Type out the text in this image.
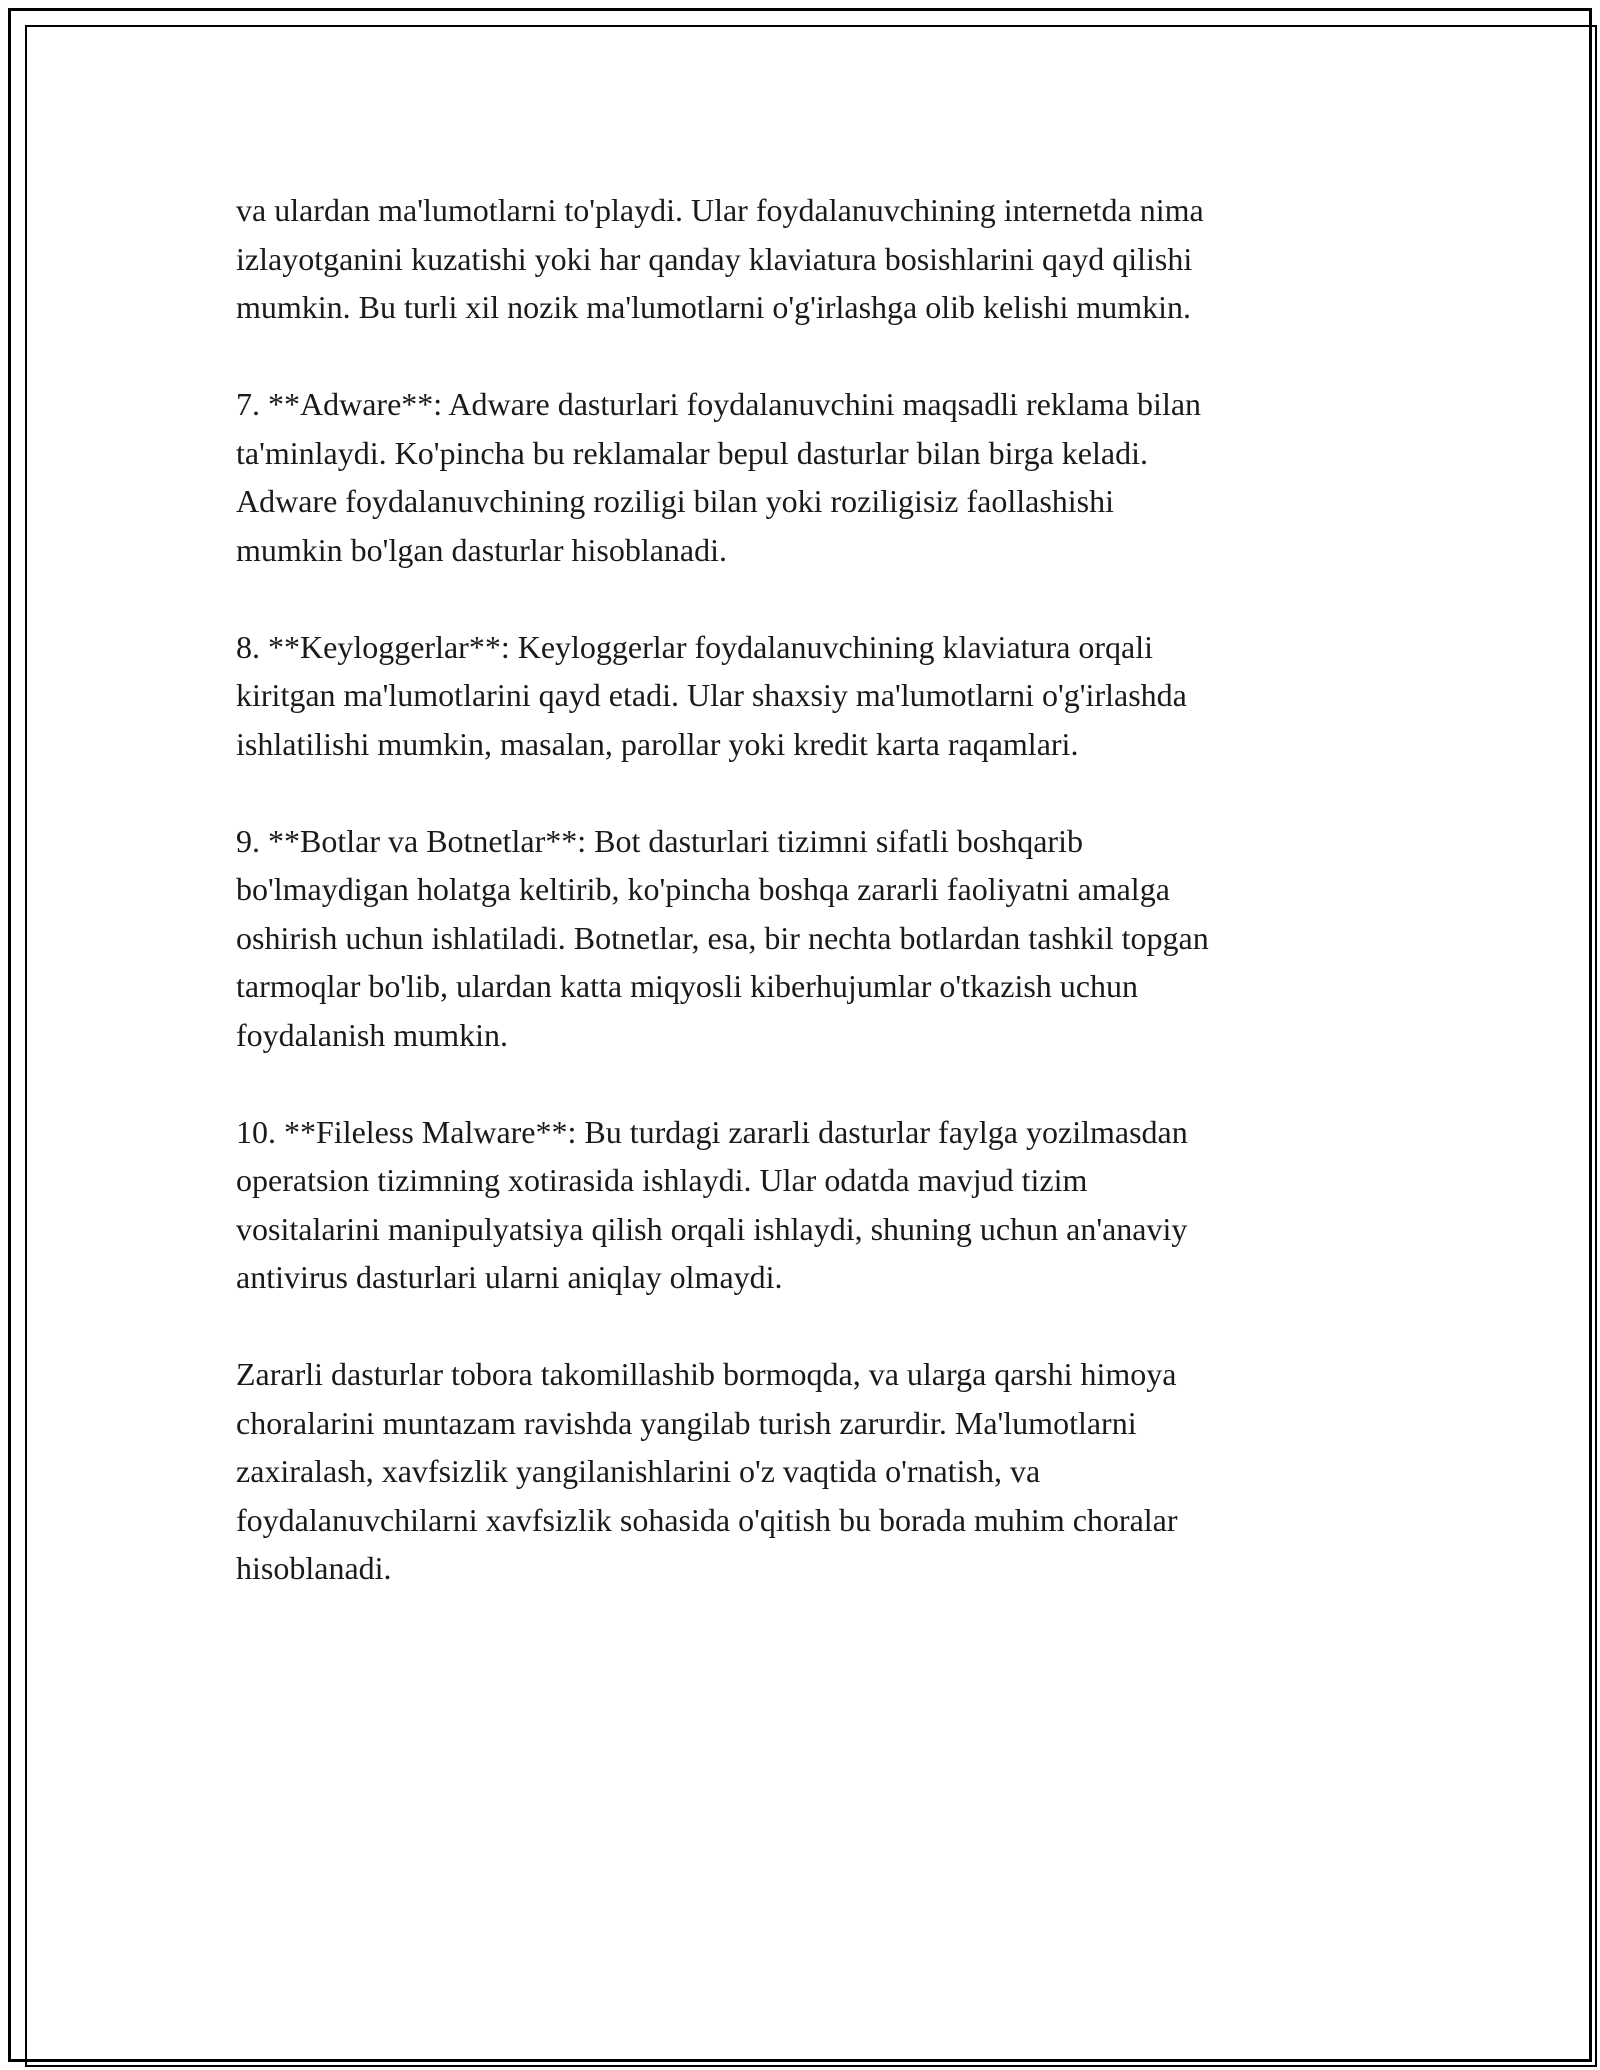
va ulardan ma'lumotlarni to'playdi. Ular foydalanuvchining internetda nima
izlayotganini kuzatishi yoki har qanday klaviatura bosishlarini qayd qilishi
mumkin. Bu turli xil nozik ma'lumotlarni o'g'irlashga olib kelishi mumkin.
7. **Adware**: Adware dasturlari foydalanuvchini maqsadli reklama bilan
ta'minlaydi. Ko'pincha bu reklamalar bepul dasturlar bilan birga keladi.
Adware foydalanuvchining roziligi bilan yoki roziligisiz faollashishi
mumkin bo'lgan dasturlar hisoblanadi.
8. **Keyloggerlar**: Keyloggerlar foydalanuvchining klaviatura orqali
kiritgan ma'lumotlarini qayd etadi. Ular shaxsiy ma'lumotlarni o'g'irlashda
ishlatilishi mumkin, masalan, parollar yoki kredit karta raqamlari.
9. **Botlar va Botnetlar**: Bot dasturlari tizimni sifatli boshqarib
bo'lmaydigan holatga keltirib, ko'pincha boshqa zararli faoliyatni amalga
oshirish uchun ishlatiladi. Botnetlar, esa, bir nechta botlardan tashkil topgan
tarmoqlar bo'lib, ulardan katta miqyosli kiberhujumlar o'tkazish uchun
foydalanish mumkin.
10. **Fileless Malware**: Bu turdagi zararli dasturlar faylga yozilmasdan
operatsion tizimning xotirasida ishlaydi. Ular odatda mavjud tizim
vositalarini manipulyatsiya qilish orqali ishlaydi, shuning uchun an'anaviy
antivirus dasturlari ularni aniqlay olmaydi.
Zararli dasturlar tobora takomillashib bormoqda, va ularga qarshi himoya
choralarini muntazam ravishda yangilab turish zarurdir. Ma'lumotlarni
zaxiralash, xavfsizlik yangilanishlarini o'z vaqtida o'rnatish, va
foydalanuvchilarni xavfsizlik sohasida o'qitish bu borada muhim choralar
hisoblanadi.
